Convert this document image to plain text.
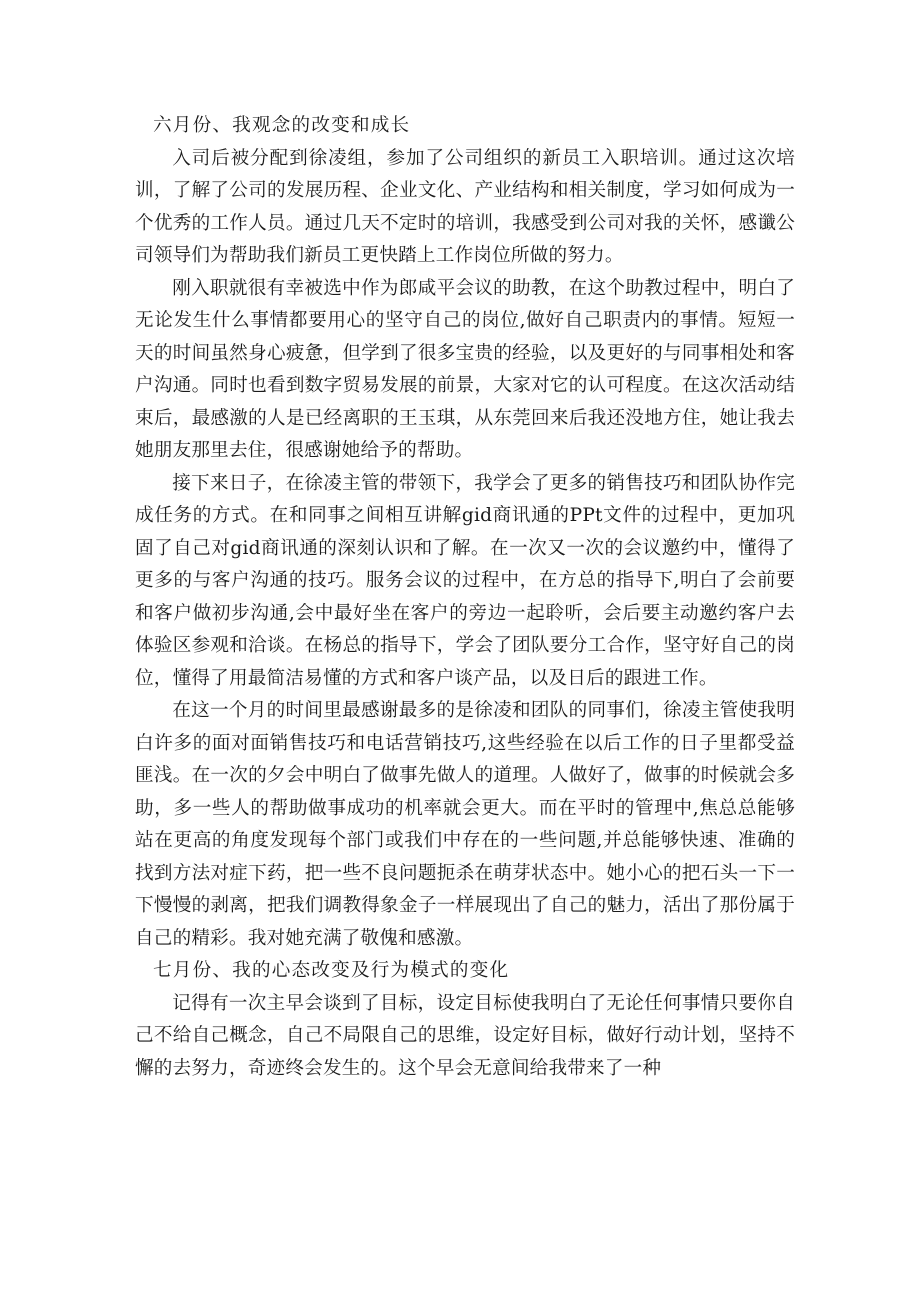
六月份、我观念的改变和成长

入司后被分配到徐凌组，参加了公司组织的新员工入职培训。通过这次培训，了解了公司的发展历程、企业文化、产业结构和相关制度，学习如何成为一个优秀的工作人员。通过几天不定时的培训，我感受到公司对我的关怀，感谶公司领导们为帮助我们新员工更快踏上工作岗位所做的努力。

刚入职就很有幸被选中作为郎咸平会议的助教，在这个助教过程中，明白了无论发生什么事情都要用心的坚守自己的岗位,做好自己职责内的事情。短短一天的时间虽然身心疲惫，但学到了很多宝贵的经验，以及更好的与同事相处和客户沟通。同时也看到数字贸易发展的前景，大家对它的认可程度。在这次活动结束后，最感激的人是已经离职的王玉琪，从东莞回来后我还没地方住，她让我去她朋友那里去住，很感谢她给予的帮助。

接下来日子，在徐凌主管的带领下，我学会了更多的销售技巧和团队协作完成任务的方式。在和同事之间相互讲解gid商讯通的PPt文件的过程中，更加巩固了自己对gid商讯通的深刻认识和了解。在一次又一次的会议邀约中，懂得了更多的与客户沟通的技巧。服务会议的过程中，在方总的指导下,明白了会前要和客户做初步沟通,会中最好坐在客户的旁边一起聆听，会后要主动邀约客户去体验区参观和洽谈。在杨总的指导下，学会了团队要分工合作，坚守好自己的岗位，懂得了用最简洁易懂的方式和客户谈产品，以及日后的跟进工作。

在这一个月的时间里最感谢最多的是徐凌和团队的同事们，徐凌主管使我明白许多的面对面销售技巧和电话营销技巧,这些经验在以后工作的日子里都受益匪浅。在一次的夕会中明白了做事先做人的道理。人做好了，做事的时候就会多助，多一些人的帮助做事成功的机率就会更大。而在平时的管理中,焦总总能够站在更高的角度发现每个部门或我们中存在的一些问题,并总能够快速、准确的找到方法对症下药，把一些不良问题扼杀在萌芽状态中。她小心的把石头一下一下慢慢的剥离，把我们调教得象金子一样展现出了自己的魅力，活出了那份属于自己的精彩。我对她充满了敬傀和感激。

七月份、我的心态改变及行为模式的变化

记得有一次主早会谈到了目标，设定目标使我明白了无论任何事情只要你自己不给自己概念，自己不局限自己的思维，设定好目标，做好行动计划，坚持不懈的去努力，奇迹终会发生的。这个早会无意间给我带来了一种
